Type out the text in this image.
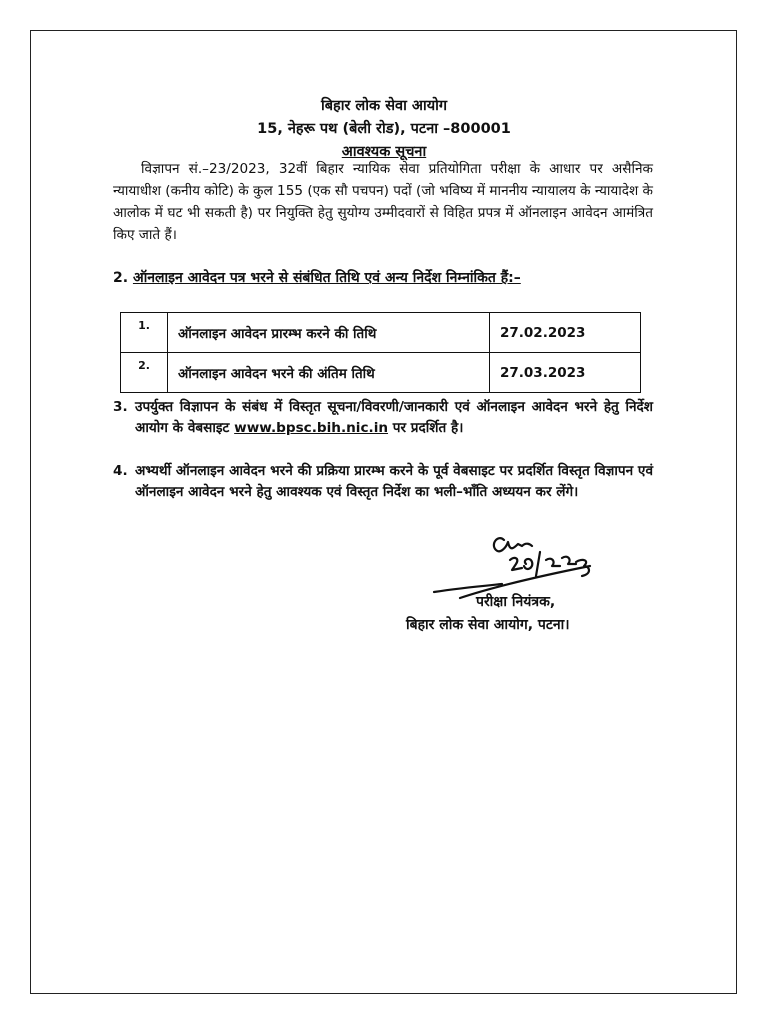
बिहार लोक सेवा आयोग
15, नेहरू पथ (बेली रोड), पटना –800001
आवश्यक सूचना

विज्ञापन सं.–23/2023, 32वीं बिहार न्यायिक सेवा प्रतियोगिता परीक्षा के आधार पर असैनिक न्यायाधीश (कनीय कोटि) के कुल 155 (एक सौ पचपन) पदों (जो भविष्य में माननीय न्यायालय के न्यायादेश के आलोक में घट भी सकती है) पर नियुक्ति हेतु सुयोग्य उम्मीदवारों से विहित प्रपत्र में ऑनलाइन आवेदन आमंत्रित किए जाते हैं।

2. ऑनलाइन आवेदन पत्र भरने से संबंधित तिथि एवं अन्य निर्देश निम्नांकित हैं:–

1.	ऑनलाइन आवेदन प्रारम्भ करने की तिथि	27.02.2023
2.	ऑनलाइन आवेदन भरने की अंतिम तिथि	27.03.2023
3. उपर्युक्त विज्ञापन के संबंध में विस्तृत सूचना/विवरणी/जानकारी एवं ऑनलाइन आवेदन भरने हेतु निर्देश आयोग के वेबसाइट www.bpsc.bih.nic.in पर प्रदर्शित है।
4. अभ्यर्थी ऑनलाइन आवेदन भरने की प्रक्रिया प्रारम्भ करने के पूर्व वेबसाइट पर प्रदर्शित विस्तृत विज्ञापन एवं ऑनलाइन आवेदन भरने हेतु आवश्यक एवं विस्तृत निर्देश का भली–भाँति अध्ययन कर लेंगे।
परीक्षा नियंत्रक,
बिहार लोक सेवा आयोग, पटना।
